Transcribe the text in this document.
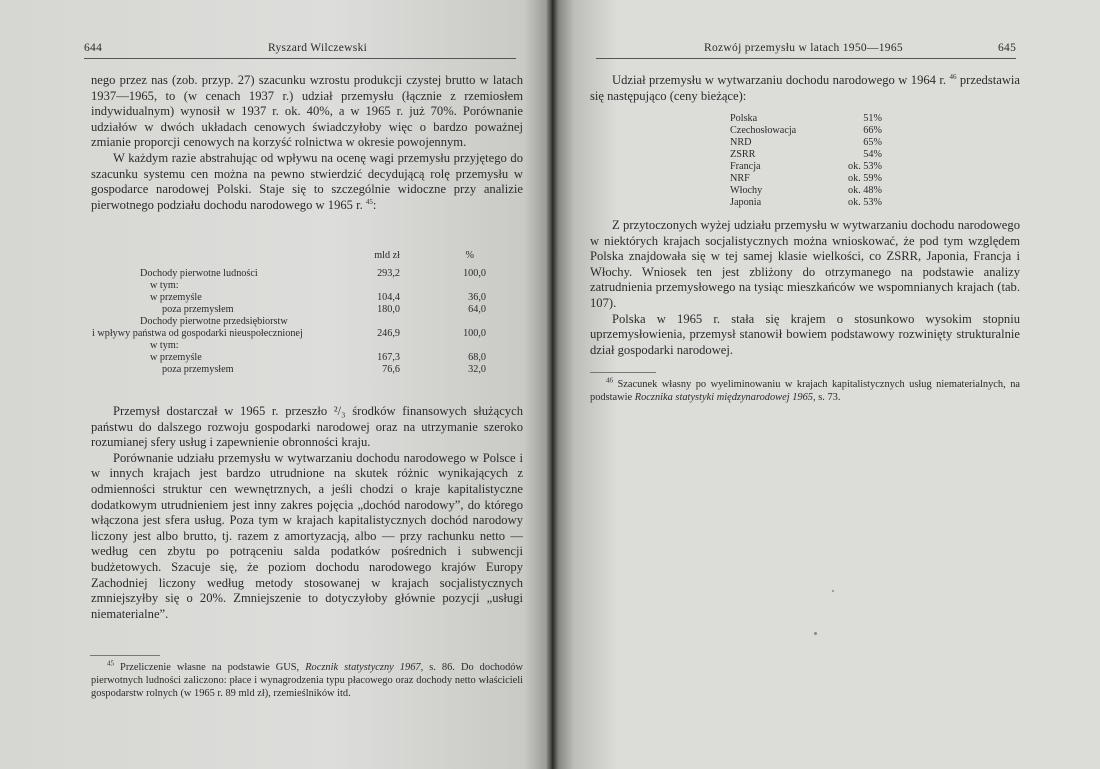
644	Ryszard Wilczewski

nego przez nas (zob. przyp. 27) szacunku wzrostu produkcji czystej brutto w latach 1937—1965, to (w cenach 1937 r.) udział przemysłu (łącznie z rzemiosłem indywidualnym) wynosił w 1937 r. ok. 40%, a w 1965 r. już 70%. Porównanie udziałów w dwóch układach cenowych świadczyłoby więc o bardzo poważnej zmianie proporcji cenowych na korzyść rolnictwa w okresie powojennym.

W każdym razie abstrahując od wpływu na ocenę wagi przemysłu przyjętego do szacunku systemu cen można na pewno stwierdzić decydującą rolę przemysłu w gospodarce narodowej Polski. Staje się to szczególnie widoczne przy analizie pierwotnego podziału dochodu narodowego w 1965 r. $^{45}$:

	mld zł	%

Dochody pierwotne ludności	293,2	100,0
w tym:		
w przemyśle	104,4	36,0
poza przemysłem	180,0	64,0
Dochody pierwotne przedsiębiorstw		
i wpływy państwa od gospodarki nieuspołecznionej	246,9	100,0
w tym:		
w przemyśle	167,3	68,0
poza przemysłem	76,6	32,0

Przemysł dostarczał w 1965 r. przeszło ²/₃ środków finansowych służących państwu do dalszego rozwoju gospodarki narodowej oraz na utrzymanie szeroko rozumianej sfery usług i zapewnienie obronności kraju.

Porównanie udziału przemysłu w wytwarzaniu dochodu narodowego w Polsce i w innych krajach jest bardzo utrudnione na skutek różnic wynikających z odmienności struktur cen wewnętrznych, a jeśli chodzi o kraje kapitalistyczne dodatkowym utrudnieniem jest inny zakres pojęcia „dochód narodowy”, do którego włączona jest sfera usług. Poza tym w krajach kapitalistycznych dochód narodowy liczony jest albo brutto, tj. razem z amortyzacją, albo — przy rachunku netto — według cen zbytu po potrąceniu salda podatków pośrednich i subwencji budżetowych. Szacuje się, że poziom dochodu narodowego krajów Europy Zachodniej liczony według metody stosowanej w krajach socjalistycznych zmniejszyłby się o 20%. Zmniejszenie to dotyczyłoby głównie pozycji „usługi niematerialne”.

$^{45}$ Przeliczenie własne na podstawie GUS, Rocznik statystyczny 1967, s. 86. Do dochodów pierwotnych ludności zaliczono: płace i wynagrodzenia typu płacowego oraz dochody netto właścicieli gospodarstw rolnych (w 1965 r. 89 mld zł), rzemieślników itd.

Rozwój przemysłu w latach 1950—1965	645

Udział przemysłu w wytwarzaniu dochodu narodowego w 1964 r. $^{46}$ przedstawia się następująco (ceny bieżące):

Polska	51%
Czechosłowacja	66%
NRD	65%
ZSRR	54%
Francja	ok. 53%
NRF	ok. 59%
Włochy	ok. 48%
Japonia	ok. 53%

Z przytoczonych wyżej udziału przemysłu w wytwarzaniu dochodu narodowego w niektórych krajach socjalistycznych można wnioskować, że pod tym względem Polska znajdowała się w tej samej klasie wielkości, co ZSRR, Japonia, Francja i Włochy. Wniosek ten jest zbliżony do otrzymanego na podstawie analizy zatrudnienia przemysłowego na tysiąc mieszkańców we wspomnianych krajach (tab. 107).

Polska w 1965 r. stała się krajem o stosunkowo wysokim stopniu uprzemysłowienia, przemysł stanowił bowiem podstawowy rozwinięty strukturalnie dział gospodarki narodowej.

$^{46}$ Szacunek własny po wyeliminowaniu w krajach kapitalistycznych usług niematerialnych, na podstawie Rocznika statystyki międzynarodowej 1965, s. 73.
